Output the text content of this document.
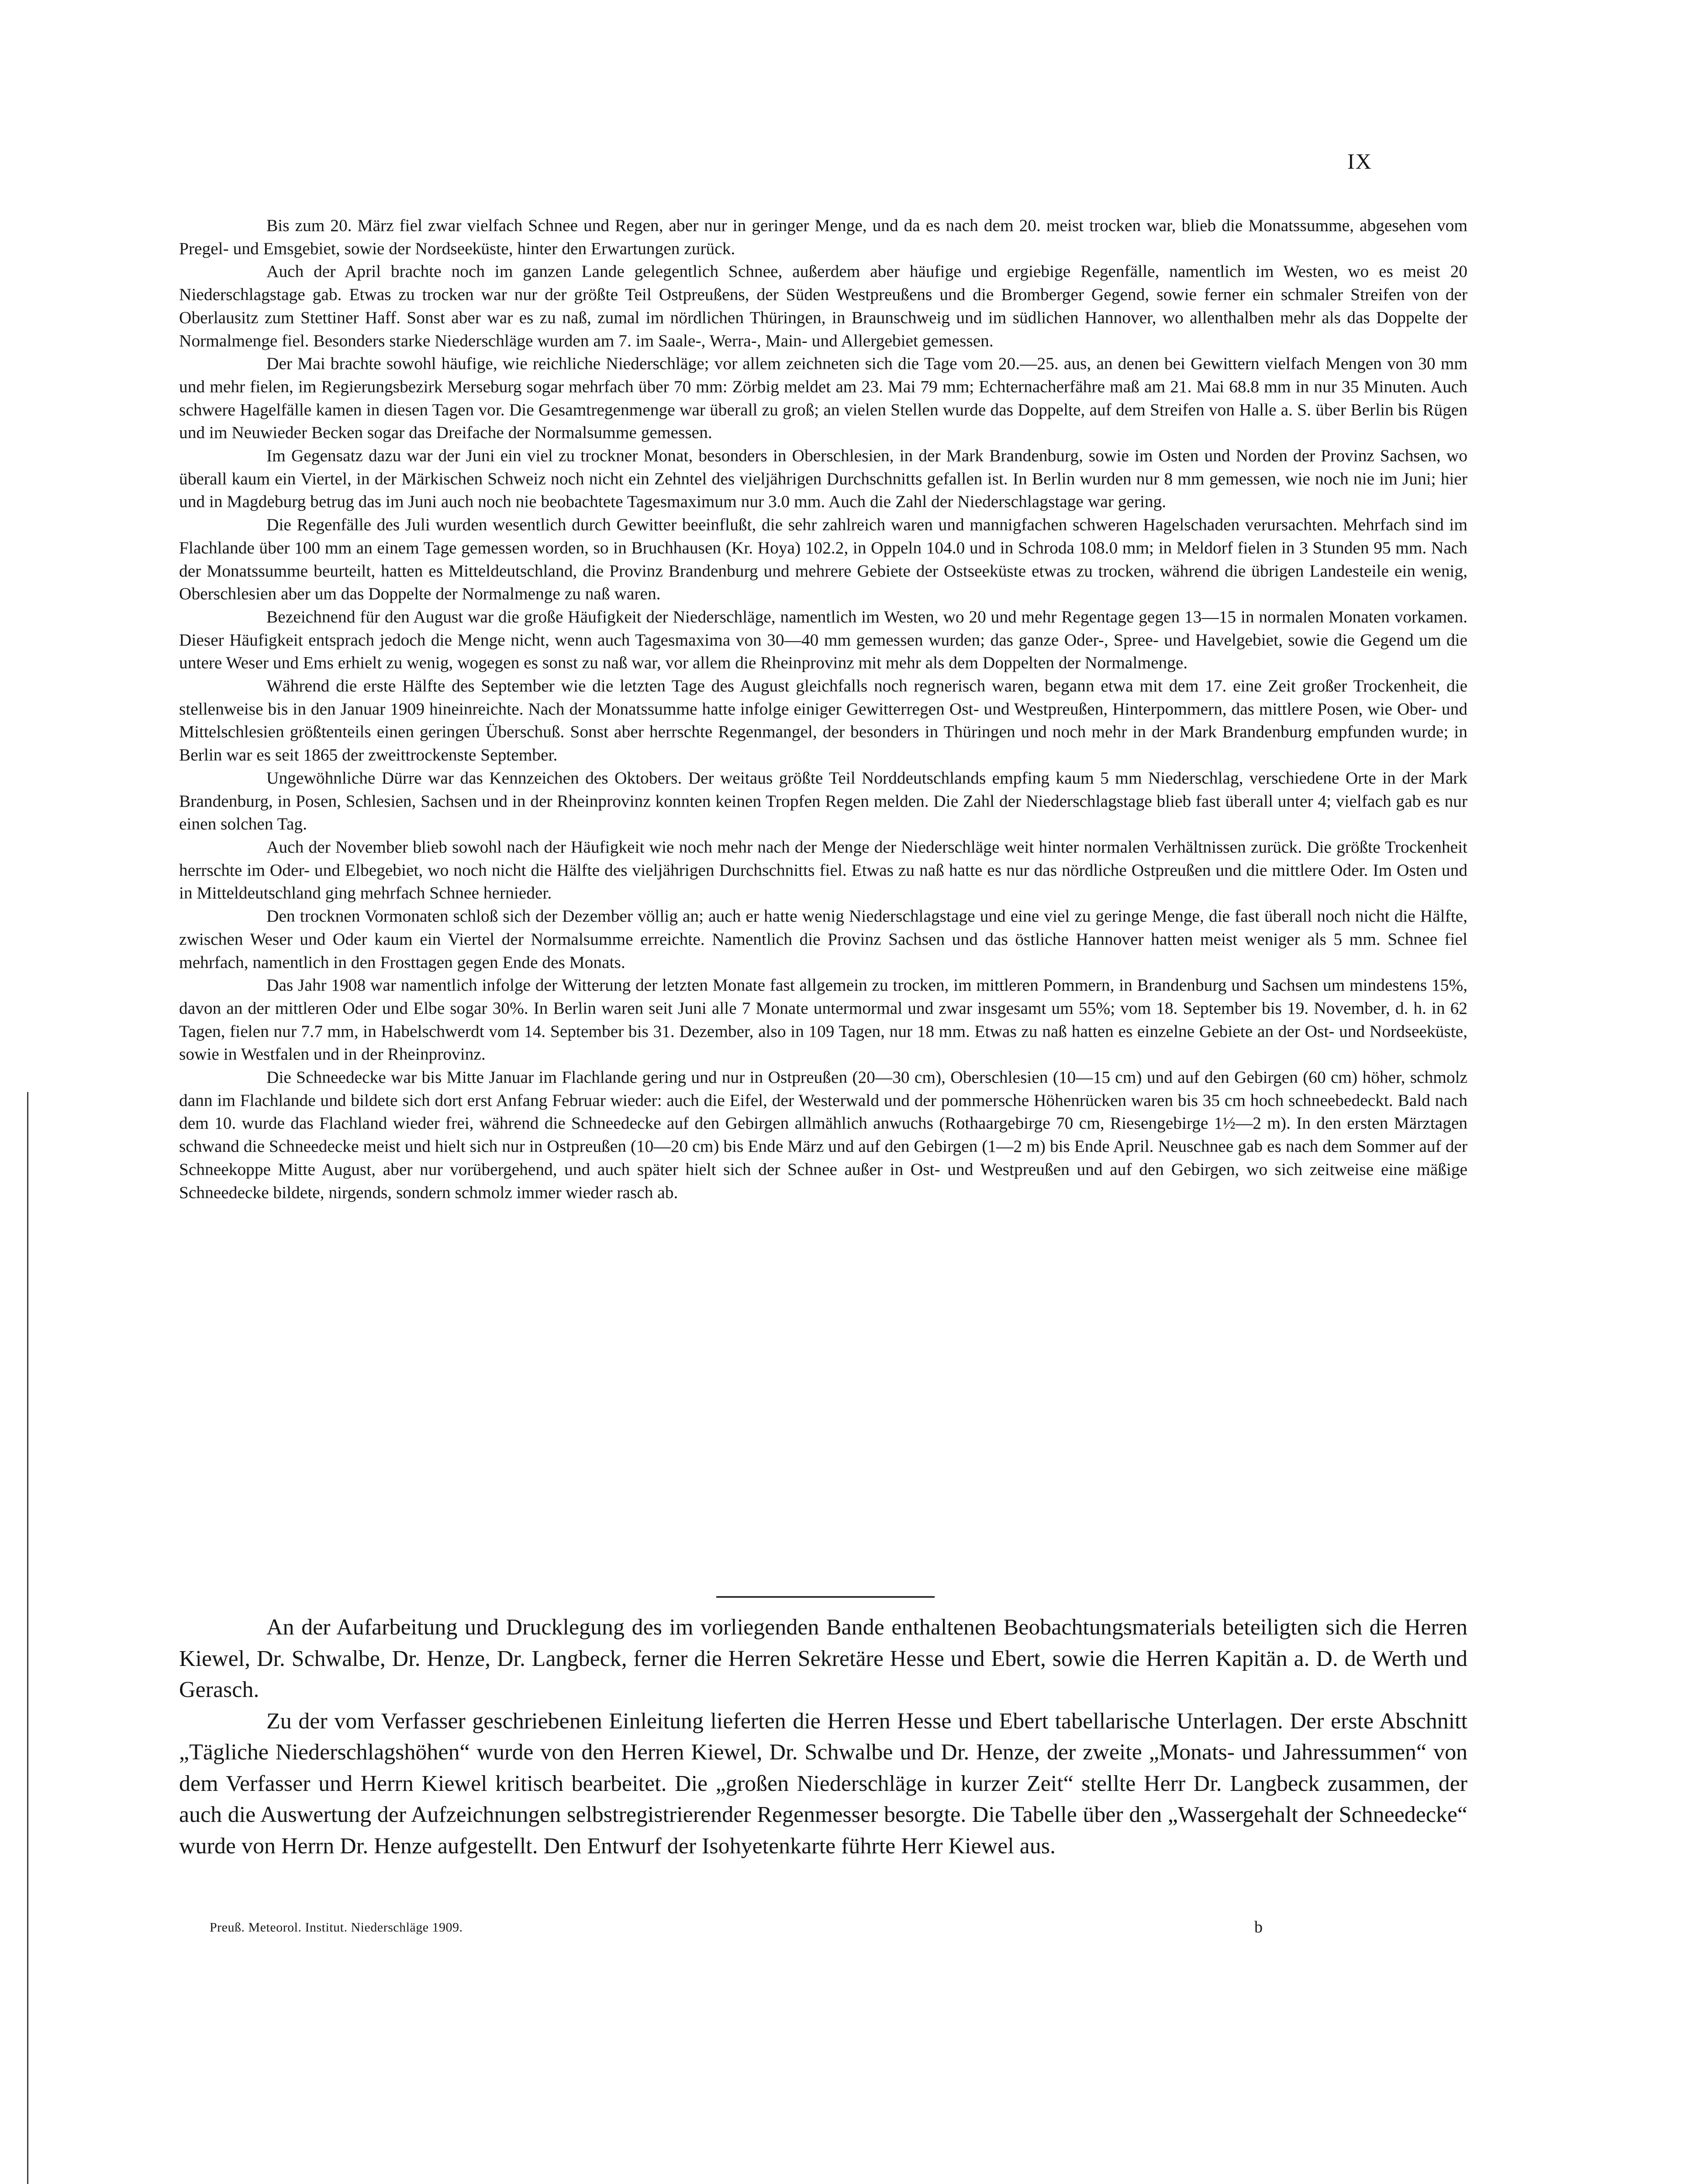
IX

Bis zum 20. März fiel zwar vielfach Schnee und Regen, aber nur in geringer Menge, und da es nach dem 20. meist trocken war, blieb die Monatssumme, abgesehen vom Pregel- und Emsgebiet, sowie der Nordseeküste, hinter den Erwartungen zurück.

Auch der April brachte noch im ganzen Lande gelegentlich Schnee, außerdem aber häufige und ergiebige Regenfälle, namentlich im Westen, wo es meist 20 Niederschlagstage gab. Etwas zu trocken war nur der größte Teil Ostpreußens, der Süden Westpreußens und die Bromberger Gegend, sowie ferner ein schmaler Streifen von der Oberlausitz zum Stettiner Haff. Sonst aber war es zu naß, zumal im nördlichen Thüringen, in Braunschweig und im südlichen Hannover, wo allenthalben mehr als das Doppelte der Normalmenge fiel. Besonders starke Niederschläge wurden am 7. im Saale-, Werra-, Main- und Allergebiet gemessen.

Der Mai brachte sowohl häufige, wie reichliche Niederschläge; vor allem zeichneten sich die Tage vom 20.—25. aus, an denen bei Gewittern vielfach Mengen von 30 mm und mehr fielen, im Regierungsbezirk Merseburg sogar mehrfach über 70 mm: Zörbig meldet am 23. Mai 79 mm; Echternacherfähre maß am 21. Mai 68.8 mm in nur 35 Minuten. Auch schwere Hagelfälle kamen in diesen Tagen vor. Die Gesamtregenmenge war überall zu groß; an vielen Stellen wurde das Doppelte, auf dem Streifen von Halle a. S. über Berlin bis Rügen und im Neuwieder Becken sogar das Dreifache der Normalsumme gemessen.

Im Gegensatz dazu war der Juni ein viel zu trockner Monat, besonders in Oberschlesien, in der Mark Brandenburg, sowie im Osten und Norden der Provinz Sachsen, wo überall kaum ein Viertel, in der Märkischen Schweiz noch nicht ein Zehntel des vieljährigen Durchschnitts gefallen ist. In Berlin wurden nur 8 mm gemessen, wie noch nie im Juni; hier und in Magdeburg betrug das im Juni auch noch nie beobachtete Tagesmaximum nur 3.0 mm. Auch die Zahl der Niederschlagstage war gering.

Die Regenfälle des Juli wurden wesentlich durch Gewitter beeinflußt, die sehr zahlreich waren und mannigfachen schweren Hagelschaden verursachten. Mehrfach sind im Flachlande über 100 mm an einem Tage gemessen worden, so in Bruchhausen (Kr. Hoya) 102.2, in Oppeln 104.0 und in Schroda 108.0 mm; in Meldorf fielen in 3 Stunden 95 mm. Nach der Monatssumme beurteilt, hatten es Mitteldeutschland, die Provinz Brandenburg und mehrere Gebiete der Ostseeküste etwas zu trocken, während die übrigen Landesteile ein wenig, Oberschlesien aber um das Doppelte der Normalmenge zu naß waren.

Bezeichnend für den August war die große Häufigkeit der Niederschläge, namentlich im Westen, wo 20 und mehr Regentage gegen 13—15 in normalen Monaten vorkamen. Dieser Häufigkeit entsprach jedoch die Menge nicht, wenn auch Tagesmaxima von 30—40 mm gemessen wurden; das ganze Oder-, Spree- und Havelgebiet, sowie die Gegend um die untere Weser und Ems erhielt zu wenig, wogegen es sonst zu naß war, vor allem die Rheinprovinz mit mehr als dem Doppelten der Normalmenge.

Während die erste Hälfte des September wie die letzten Tage des August gleichfalls noch regnerisch waren, begann etwa mit dem 17. eine Zeit großer Trockenheit, die stellenweise bis in den Januar 1909 hineinreichte. Nach der Monatssumme hatte infolge einiger Gewitterregen Ost- und Westpreußen, Hinterpommern, das mittlere Posen, wie Ober- und Mittelschlesien größtenteils einen geringen Überschuß. Sonst aber herrschte Regenmangel, der besonders in Thüringen und noch mehr in der Mark Brandenburg empfunden wurde; in Berlin war es seit 1865 der zweittrockenste September.

Ungewöhnliche Dürre war das Kennzeichen des Oktobers. Der weitaus größte Teil Norddeutschlands empfing kaum 5 mm Niederschlag, verschiedene Orte in der Mark Brandenburg, in Posen, Schlesien, Sachsen und in der Rheinprovinz konnten keinen Tropfen Regen melden. Die Zahl der Niederschlagstage blieb fast überall unter 4; vielfach gab es nur einen solchen Tag.

Auch der November blieb sowohl nach der Häufigkeit wie noch mehr nach der Menge der Niederschläge weit hinter normalen Verhältnissen zurück. Die größte Trockenheit herrschte im Oder- und Elbegebiet, wo noch nicht die Hälfte des vieljährigen Durchschnitts fiel. Etwas zu naß hatte es nur das nördliche Ostpreußen und die mittlere Oder. Im Osten und in Mitteldeutschland ging mehrfach Schnee hernieder.

Den trocknen Vormonaten schloß sich der Dezember völlig an; auch er hatte wenig Niederschlagstage und eine viel zu geringe Menge, die fast überall noch nicht die Hälfte, zwischen Weser und Oder kaum ein Viertel der Normalsumme erreichte. Namentlich die Provinz Sachsen und das östliche Hannover hatten meist weniger als 5 mm. Schnee fiel mehrfach, namentlich in den Frosttagen gegen Ende des Monats.

Das Jahr 1908 war namentlich infolge der Witterung der letzten Monate fast allgemein zu trocken, im mittleren Pommern, in Brandenburg und Sachsen um mindestens 15%, davon an der mittleren Oder und Elbe sogar 30%. In Berlin waren seit Juni alle 7 Monate untermormal und zwar insgesamt um 55%; vom 18. September bis 19. November, d. h. in 62 Tagen, fielen nur 7.7 mm, in Habelschwerdt vom 14. September bis 31. Dezember, also in 109 Tagen, nur 18 mm. Etwas zu naß hatten es einzelne Gebiete an der Ost- und Nordseeküste, sowie in Westfalen und in der Rheinprovinz.

Die Schneedecke war bis Mitte Januar im Flachlande gering und nur in Ostpreußen (20—30 cm), Oberschlesien (10—15 cm) und auf den Gebirgen (60 cm) höher, schmolz dann im Flachlande und bildete sich dort erst Anfang Februar wieder: auch die Eifel, der Westerwald und der pommersche Höhenrücken waren bis 35 cm hoch schneebedeckt. Bald nach dem 10. wurde das Flachland wieder frei, während die Schneedecke auf den Gebirgen allmählich anwuchs (Rothaargebirge 70 cm, Riesengebirge 1½—2 m). In den ersten Märztagen schwand die Schneedecke meist und hielt sich nur in Ostpreußen (10—20 cm) bis Ende März und auf den Gebirgen (1—2 m) bis Ende April. Neuschnee gab es nach dem Sommer auf der Schneekoppe Mitte August, aber nur vorübergehend, und auch später hielt sich der Schnee außer in Ost- und Westpreußen und auf den Gebirgen, wo sich zeitweise eine mäßige Schneedecke bildete, nirgends, sondern schmolz immer wieder rasch ab.

An der Aufarbeitung und Drucklegung des im vorliegenden Bande enthaltenen Beobachtungsmaterials beteiligten sich die Herren Kiewel, Dr. Schwalbe, Dr. Henze, Dr. Langbeck, ferner die Herren Sekretäre Hesse und Ebert, sowie die Herren Kapitän a. D. de Werth und Gerasch.

Zu der vom Verfasser geschriebenen Einleitung lieferten die Herren Hesse und Ebert tabellarische Unterlagen. Der erste Abschnitt „Tägliche Niederschlagshöhen“ wurde von den Herren Kiewel, Dr. Schwalbe und Dr. Henze, der zweite „Monats- und Jahressummen“ von dem Verfasser und Herrn Kiewel kritisch bearbeitet. Die „großen Niederschläge in kurzer Zeit“ stellte Herr Dr. Langbeck zusammen, der auch die Auswertung der Aufzeichnungen selbstregistrierender Regenmesser besorgte. Die Tabelle über den „Wassergehalt der Schneedecke“ wurde von Herrn Dr. Henze aufgestellt. Den Entwurf der Isohyetenkarte führte Herr Kiewel aus.

Preuß. Meteorol. Institut. Niederschläge 1909.	b
